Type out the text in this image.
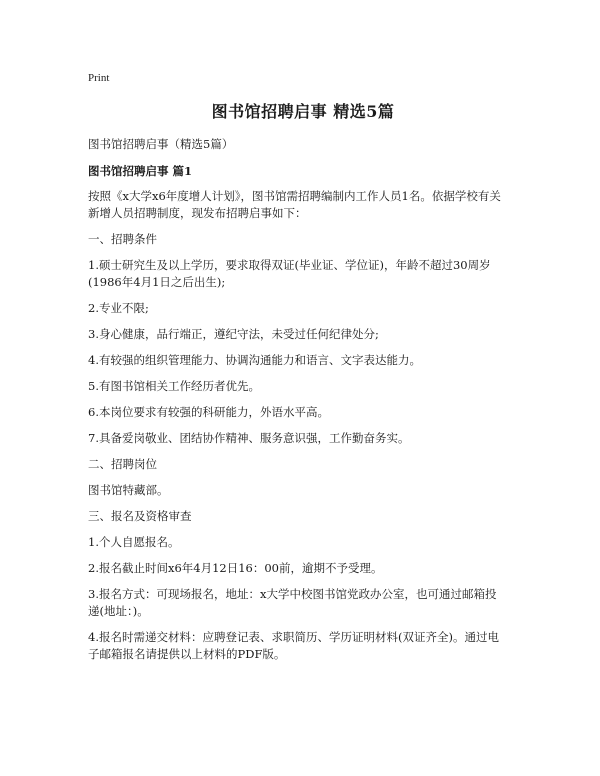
Print

图书馆招聘启事 精选5篇

图书馆招聘启事（精选5篇）

图书馆招聘启事 篇1

按照《x大学x6年度增人计划》，图书馆需招聘编制内工作人员1名。依据学校有关
新增人员招聘制度，现发布招聘启事如下：

一、招聘条件

1.硕士研究生及以上学历，要求取得双证(毕业证、学位证)，年龄不超过30周岁
(1986年4月1日之后出生);

2.专业不限;

3.身心健康，品行端正，遵纪守法，未受过任何纪律处分;

4.有较强的组织管理能力、协调沟通能力和语言、文字表达能力。

5.有图书馆相关工作经历者优先。

6.本岗位要求有较强的科研能力，外语水平高。

7.具备爱岗敬业、团结协作精神、服务意识强，工作勤奋务实。

二、招聘岗位

图书馆特藏部。

三、报名及资格审查

1.个人自愿报名。

2.报名截止时间x6年4月12日16：00前，逾期不予受理。

3.报名方式：可现场报名，地址：x大学中校图书馆党政办公室，也可通过邮箱投
递(地址：)。
4.报名时需递交材料：应聘登记表、求职简历、学历证明材料(双证齐全)。通过电
子邮箱报名请提供以上材料的PDF版。
